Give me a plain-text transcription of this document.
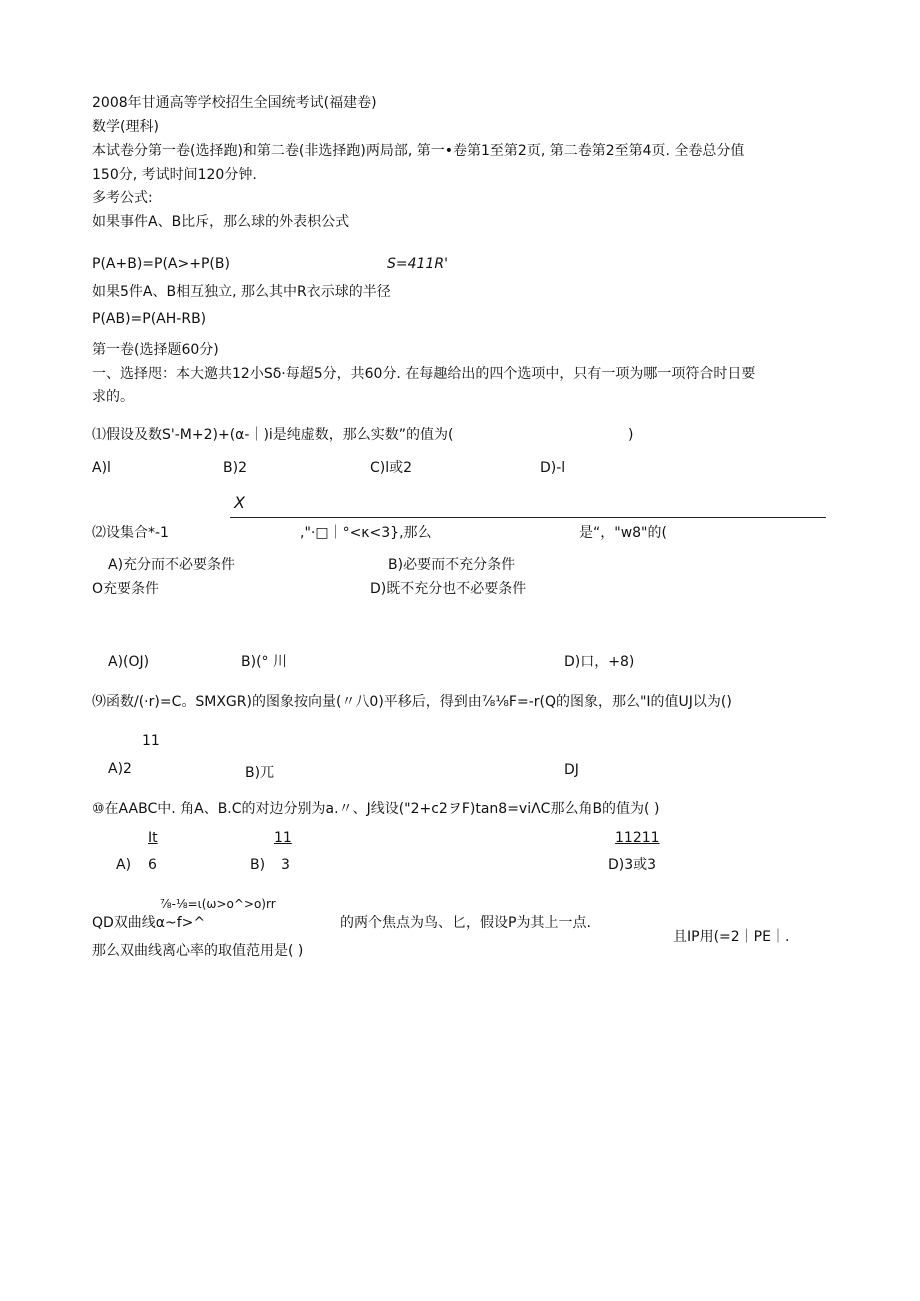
2008年甘通高等学校招生全国统考试(福建卷)
数学(理科)
本试卷分第一卷(选择跑)和第二卷(非选择跑)两局部, 第一•卷第1至第2页, 第二卷第2至第4页. 全卷总分值
150分, 考试时间120分钟.
多考公式:
如果事件A、B比斥，那么球的外表枳公式
P(A+B)=P(A>+P(B)	S=411R'
如果5件A、B相互独立, 那么其中R衣示球的半径
P(AB)=P(AH-RB)
第一卷(选择题60分)
一、选择咫：本大邀共12小Sδ·每超5分，共60分. 在每趣给出的四个选项中，只有一项为哪一项符合时日要
求的。
⑴假设及数S'-M+2)+(α-｜)i是纯虚数，那么实数”的值为(	)
A)l	B)2	C)l或2	D)-l
X
⑵设集合*-1	,"·□｜°<κ<3},那么	是“，"w8"的(
A)充分而不必要条件	B)必要而不充分条件
O充要条件	D)既不充分也不必要条件
A)(OJ)	B)(° 川	D)口，+8)
⑼函数/(·r)=C。SMXGR)的图象按向量(〃八0)平移后，得到由⅞⅛F=-r(Q的图象，那么"I的值UJ以为()
11
A)2	B)兀	DJ
⑩在AABC中. 角A、B.C的对边分别为a.〃、J线设("2+c2ヲF)tan8=viΛC那么角B的值为( )
It
A) 6
11
B) 3
11211
D)3或3
⅞-⅛=ι(ω>o^>o)rr
QD双曲线α~f>^	的两个焦点为鸟、匕，假设P为其上一点.
且IP用(=2｜PE｜.
那么双曲线离心率的取值范用是( )
